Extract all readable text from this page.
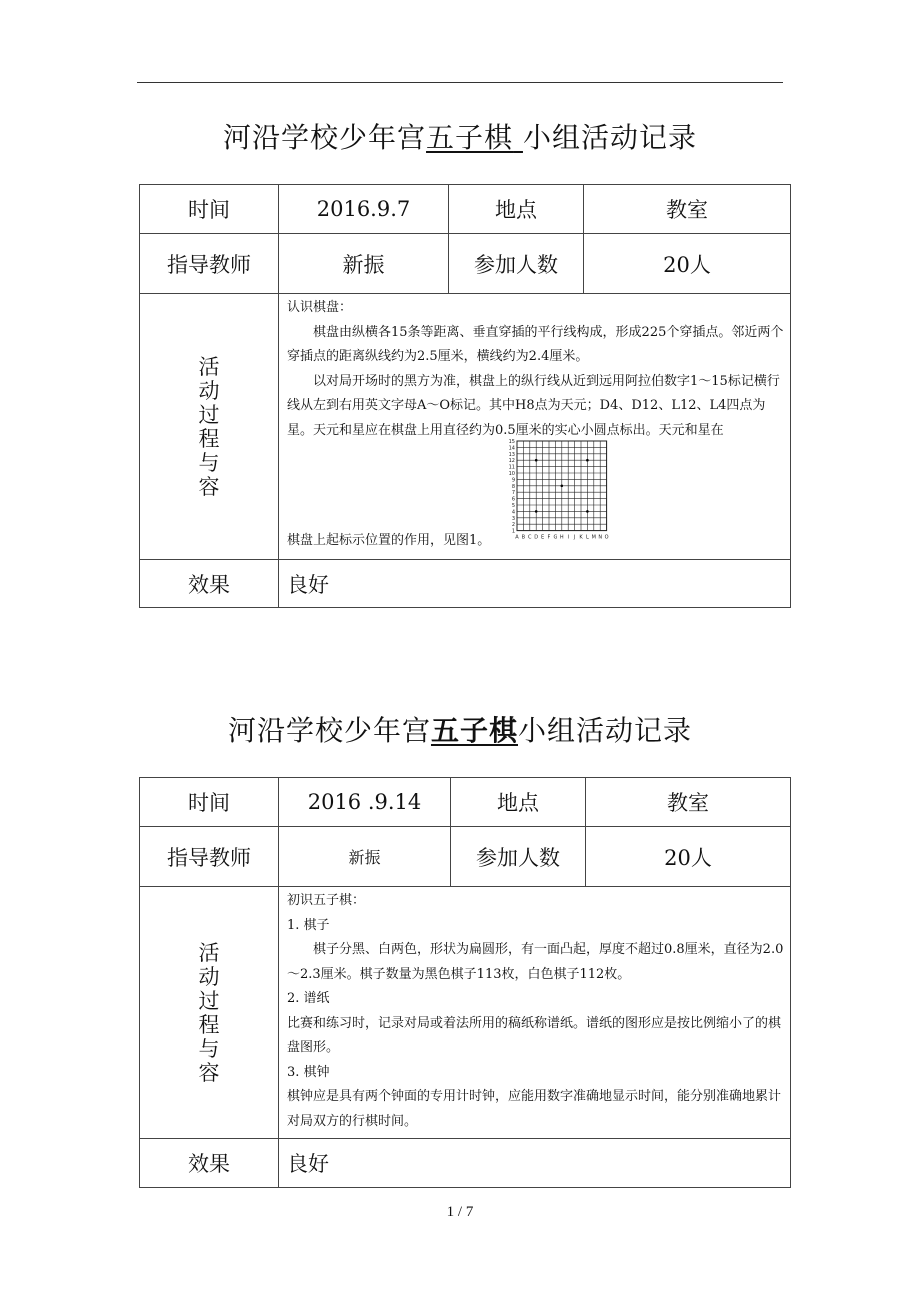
河沿学校少年宫五子棋 小组活动记录
时间	2016.9.7	地点	教室
指导教师	新振	参加人数	20人

活动过程与容

认识棋盘：

棋盘由纵横各15条等距离、垂直穿插的平行线构成，形成225个穿插点。邻近两个穿插点的距离纵线约为2.5厘米，横线约为2.4厘米。

以对局开场时的黑方为准，棋盘上的纵行线从近到远用阿拉伯数字1～15标记横行线从左到右用英文字母A～O标记。其中H8点为天元；D4、D12、L12、L4四点为星。天元和星应在棋盘上用直径约为0.5厘米的实心小圆点标出。天元和星在

棋盘上起标示位置的作用，见图1。
15
14
13
12
11
10
9
8
7
6
5
4
3
2
1
A B C D E F G H I J K L M N O

效果	良好		
河沿学校少年宫五子棋小组活动记录
时间	2016 .9.14	地点	教室
指导教师	新振	参加人数	20人

活动过程与容

初识五子棋：

1. 棋子

棋子分黑、白两色，形状为扁圆形，有一面凸起，厚度不超过0.8厘米，直径为2.0～2.3厘米。棋子数量为黑色棋子113枚，白色棋子112枚。

2. 谱纸

比赛和练习时，记录对局或着法所用的稿纸称谱纸。谱纸的图形应是按比例缩小了的棋盘图形。

3. 棋钟

棋钟应是具有两个钟面的专用计时钟，应能用数字准确地显示时间，能分别准确地累计对局双方的行棋时间。

效果	良好		
1 / 7
